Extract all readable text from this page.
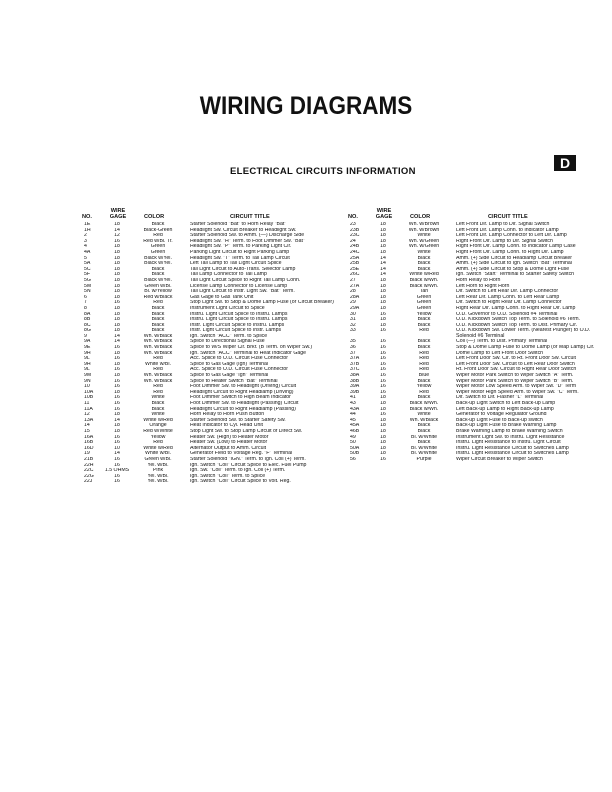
WIRING DIAGRAMS
ELECTRICAL CIRCUITS INFORMATION
D
NO.
WIRE
GAGE	COLOR	CIRCUIT TITLE
1E	18	Black	Starter Solenoid "Bat" to Horn Relay "Bat"
1H	14	Black-Green	Headlight Sw. Circuit Breaker to Headlight Sw.
2	12	Red	Starter Solenoid Sw. to Amm. (—) Discharge Side
3	16	Red w/Bl. Tr.	Headlight Sw. "H" Term. to Foot Dimmer Sw. "Bat"
4	18	Green	Headlight Sw. "P" Term. to Parking Light Cir.
4A	18	Green	Parking Light Circuit to Right Parking Lamp
5	18	Black w/Yel.	Headlight Sw. "T" Term. to Tail Lamp Circuit
5A	18	Black w/Yel.	Left Tail Lamp to Tail Light Circuit Splice
5C	18	Black	Tail Light Circuit to Auto-Trans. Selector Lamp
5F	18	Black	Tail Lamp Connector to Tail Lamp
5G	18	Black w/Yel.	Tail Light Circuit Splice to Right Tail Lamp Conn.
5M	18	Green w/Bl.	License Lamp Connector to License Lamp
5N	18	Bl. w/Yellow	Tail Light Circuit to Instr. Light Sw. "Bat" Term.
6	18	Red w/Black	Gas Gage to Gas Tank Unit
7	16	Red	Stop Light Sw. to Stop & Dome Lamp Fuse (or Circuit Breaker)
8	18	Black	Instrument Light Circuit to Splice
8A	18	Black	Instru. Light Circuit Splice to Instru. Lamps
8B	18	Black	Instru. Light Circuit Splice to Instru. Lamps
8C	18	Black	Instr. Light Circuit Splice to Instru. Lamps
8G	18	Black	Instr. Light Circuit Splice to Instr. Lamps
9	14	Wh. w/Black	Ign. Switch "ACC" Term. to Splice
9A	14	Wh. w/Black	Splice to Directional Signal Fuse
9E	16	Wh. w/Black	Splice to W/S Wiper Cir. Brkr. (B Term. on Wiper Sw.)
9H	18	Wh. w/Black	Ign. Switch "ACC" Terminal to Heat Indicator Gage
9L	16	Red	Acc. Splice to O.D. Circuit Fuse Connector
9H	18	White w/Bl.	Splice to Gas Gage (Ign) Terminal
9L	16	Red	Acc. Splice to O.D. Circuit Fuse Connector
9M	18	Wh. w/Black	Splice to Gas Gage "Ign" Terminal
9N	16	Wh. w/Black	Splice to Heater Switch "Bat" Terminal
10	16	Red	Foot Dimmer Sw. to Headlight (Driving) Circuit
10A	18	Red	Headlight Circuit to Right Headlamp (Driving)
10B	16	White	Foot Dimmer Switch to High Beam Indicator
11	16	Black	Foot Dimmer Sw. to Headlight (Passing) Circuit
11A	16	Black	Headlight Circuit to Right Headlamp (Passing)
12	18	White	Horn Relay to Horn Push Button
13A	14	White w/Red	Starter Solenoid Sw. to Starter Safety Sw.
14	18	Orange	Heat Indicator to Cyl. Head Unit
15	18	Red w/White	Stop Light Sw. to Stop Lamp Circuit of Direct Sw.
16A	16	Yellow	Heater Sw. (High) to Heater Motor
16B	16	Red	Heater Sw. (Low) to Heater Motor
16D	10	White w/Red	Alternator Output to Amm. Circuit
19	14	White w/Bl.	Generator Field to Voltage Reg. "F" Terminal
21B	16	Green w/Bl.	Starter Solenoid "IGN." Term. to Ign. Coil (+) Term.
22H	16	Yel. w/Bl.	Ign. Switch "Coil" Circuit Splice to Elec. Fuel Pump
22C	1.5 OHMS	Pink	Ign. Sw. "Coil" Term. to Ign. Coil (+) Term.
22G	16	Yel. w/Bl.	Ign. Switch "Coil" Term. to Splice
22J	16	Yel. w/Bl.	Ign. Switch "Coil" Circuit Splice to Volt. Reg.
NO.
WIRE
GAGE	COLOR	CIRCUIT TITLE
23	18	Wh. w/Brown	Left Front Dir. Lamp to Dir. Signal Switch
23B	18	Wh. w/Brown	Left Front Dir. Lamp Conn. to Indicator Lamp
23C	18	White	Left Front Dir. Lamp Connector to Left Dir. Lamp
24	18	Wh. w/Green	Right Front Dir. Lamp to Dir. Signal Switch
24B	18	Wh. w/Green	Right Front Dir. Lamp Conn. to Indicator Lamp Case
24C	18	White	Right Front Dir. Lamp Conn. to Right Dir. Lamp
25A	14	Black	Amm. (+) Side Circuit to Headlamp Circuit Breaker
25B	14	Black	Amm. (+) Side Circuit to Ign. Switch "Bat" Terminal
25E	14	Black	Amm. (+) Side Circuit to Stop & Dome Light Fuse
26C	14	White w/Red	Ign. Switch "Start" Terminal to Starter Safety Switch
27	18	Black w/Wh.	Horn Relay to Horn
27A	18	Black w/Wh.	Left Horn to Right Horn
28	18	Tan	Dir. Switch to Left Rear Dir. Lamp Connector
28A	18	Green	Left Rear Dir. Lamp Conn. to Left Rear Lamp
29	18	Green	Dir. Switch to Right Rear Dir. Lamp Connector
29A	18	Green	Right Rear Dir. Lamp Conn. to Right Rear Dir. Lamp
30	16	Yellow	O.D. Governor to O.D. Solenoid #4 Terminal
31	18	Black	O.D. Kickdown Switch Top Term. to Solenoid #6 Term.
32	18	Black	O.D. Kickdown Switch Top Term. to Dist. Primary Cir.
33	16	Red	O.D. Kickdown Sw. Lower Term. (Nearest Plunger) to O.D. Solenoid #6 Terminal
35	16	Black	Coil (—) Term. to Dist. Primary Terminal
36	16	Black	Stop & Dome Lamp Fuse to Dome Lamp (or Map Lamp) Cir.
37	16	Red	Dome Lamp to Left Front Door Switch
37A	16	Red	Left Front Door Sw. Cir. to Rt. Front Door Sw. Circuit
37B	16	Red	Left Front Door Sw. Circuit to Left Rear Door Switch
37C	16	Red	Rt. Front Door Sw. Circuit to Right Rear Door Switch
38A	16	Blue	Wiper Motor Park Switch to Wiper Switch "A" Term.
38B	16	Black	Wiper Motor Park Switch to Wiper Switch "B" Term.
39A	16	Yellow	Wiper Motor Low Speed Arm. to Wiper Sw. "D" Term
39B	16	Red	Wiper Motor High Speed Arm. to Wiper Sw. "C" Term.
41	18	Black	Dir. Switch to Dir. Flasher "L" Terminal
43	18	Black w/Wh.	Back-up Light Switch to Left Back-up Lamp
43A	18	Black w/Wh.	Left Back-up Lamp to Right Back-up Lamp
44	16	White	Generator to Voltage Regulator Ground
45	18	Wh. w/Black	Back-up Light Fuse to Back-up switch
45A	18	Black	Back-up Light Fuse to Brake Warning Lamp
46B	18	Black	Brake Warning Lamp to Brake Warning Switch
49	18	Bl. w/White	Instrument Light Sw. to Instru. Light Resistance
50	18	Black	Instru. Light Resistance to Instru. Light Circuit
50A	18	Bl. w/White	Instru. Light Resistance Circuit to Switches Lamp
50B	18	Bl. w/White	Instru. Light Resistance Circuit to Switches Lamp
56	16	Purple	Wiper Circuit Breaker to Wiper Switch
